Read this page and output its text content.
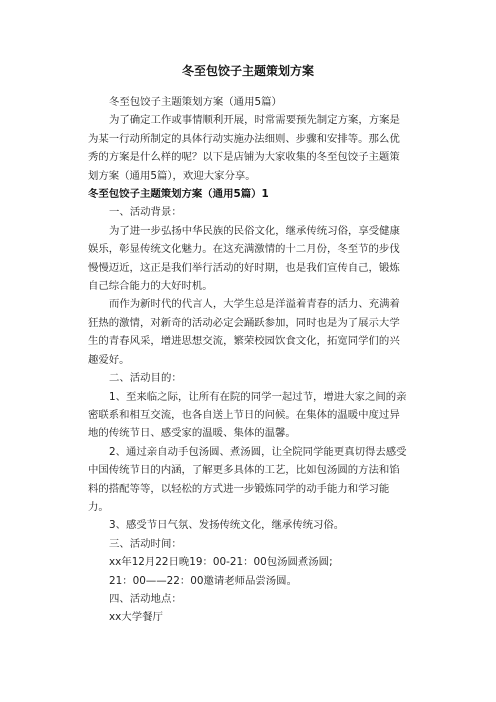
冬至包饺子主题策划方案

冬至包饺子主题策划方案（通用5篇）

为了确定工作或事情顺利开展，时常需要预先制定方案，方案是为某一行动所制定的具体行动实施办法细则、步骤和安排等。那么优秀的方案是什么样的呢？以下是店铺为大家收集的冬至包饺子主题策划方案（通用5篇），欢迎大家分享。

冬至包饺子主题策划方案（通用5篇）1

一、活动背景：

为了进一步弘扬中华民族的民俗文化，继承传统习俗，享受健康娱乐，彰显传统文化魅力。在这充满激情的十二月份，冬至节的步伐慢慢迈近，这正是我们举行活动的好时期，也是我们宣传自己，锻炼自己综合能力的大好时机。

而作为新时代的代言人，大学生总是洋溢着青春的活力、充满着狂热的激情，对新奇的活动必定会踊跃参加，同时也是为了展示大学生的青春风采，增进思想交流，繁荣校园饮食文化，拓宽同学们的兴趣爱好。

二、活动目的：

1、至来临之际，让所有在院的同学一起过节，增进大家之间的亲密联系和相互交流，也各自送上节日的问候。在集体的温暖中度过异地的传统节日、感受家的温暖、集体的温馨。

2、通过亲自动手包汤圆、煮汤圆，让全院同学能更真切得去感受中国传统节日的内涵，了解更多具体的工艺，比如包汤圆的方法和馅料的搭配等等，以轻松的方式进一步锻炼同学的动手能力和学习能力。

3、感受节日气氛、发扬传统文化，继承传统习俗。

三、活动时间：

xx年12月22日晚19：00-21：00包汤圆煮汤圆;

21：00——22：00邀请老师品尝汤圆。

四、活动地点：

xx大学餐厅
